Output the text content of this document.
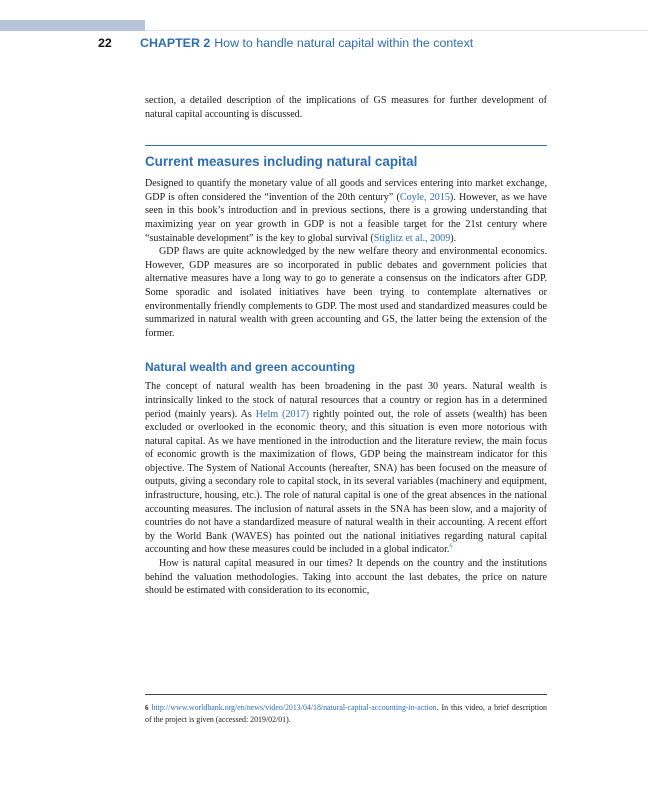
22 CHAPTER 2 How to handle natural capital within the context

section, a detailed description of the implications of GS measures for further development of natural capital accounting is discussed.

Current measures including natural capital

Designed to quantify the monetary value of all goods and services entering into market exchange, GDP is often considered the “invention of the 20th century” (Coyle, 2015). However, as we have seen in this book’s introduction and in previous sections, there is a growing understanding that maximizing year on year growth in GDP is not a feasible target for the 21st century where “sustainable development” is the key to global survival (Stiglitz et al., 2009).

GDP flaws are quite acknowledged by the new welfare theory and environmental economics. However, GDP measures are so incorporated in public debates and government policies that alternative measures have a long way to go to generate a consensus on the indicators after GDP. Some sporadic and isolated initiatives have been trying to contemplate alternatives or environmentally friendly complements to GDP. The most used and standardized measures could be summarized in natural wealth with green accounting and GS, the latter being the extension of the former.

Natural wealth and green accounting

The concept of natural wealth has been broadening in the past 30 years. Natural wealth is intrinsically linked to the stock of natural resources that a country or region has in a determined period (mainly years). As Helm (2017) rightly pointed out, the role of assets (wealth) has been excluded or overlooked in the economic theory, and this situation is even more notorious with natural capital. As we have mentioned in the introduction and the literature review, the main focus of economic growth is the maximization of flows, GDP being the mainstream indicator for this objective. The System of National Accounts (hereafter, SNA) has been focused on the measure of outputs, giving a secondary role to capital stock, in its several variables (machinery and equipment, infrastructure, housing, etc.). The role of natural capital is one of the great absences in the national accounting measures. The inclusion of natural assets in the SNA has been slow, and a majority of countries do not have a standardized measure of natural wealth in their accounting. A recent effort by the World Bank (WAVES) has pointed out the national initiatives regarding natural capital accounting and how these measures could be included in a global indicator.$^6$

How is natural capital measured in our times? It depends on the country and the institutions behind the valuation methodologies. Taking into account the last debates, the price on nature should be estimated with consideration to its economic,

6 http://www.worldbank.org/en/news/video/2013/04/18/natural-capital-accounting-in-action. In this video, a brief description of the project is given (accessed: 2019/02/01).
